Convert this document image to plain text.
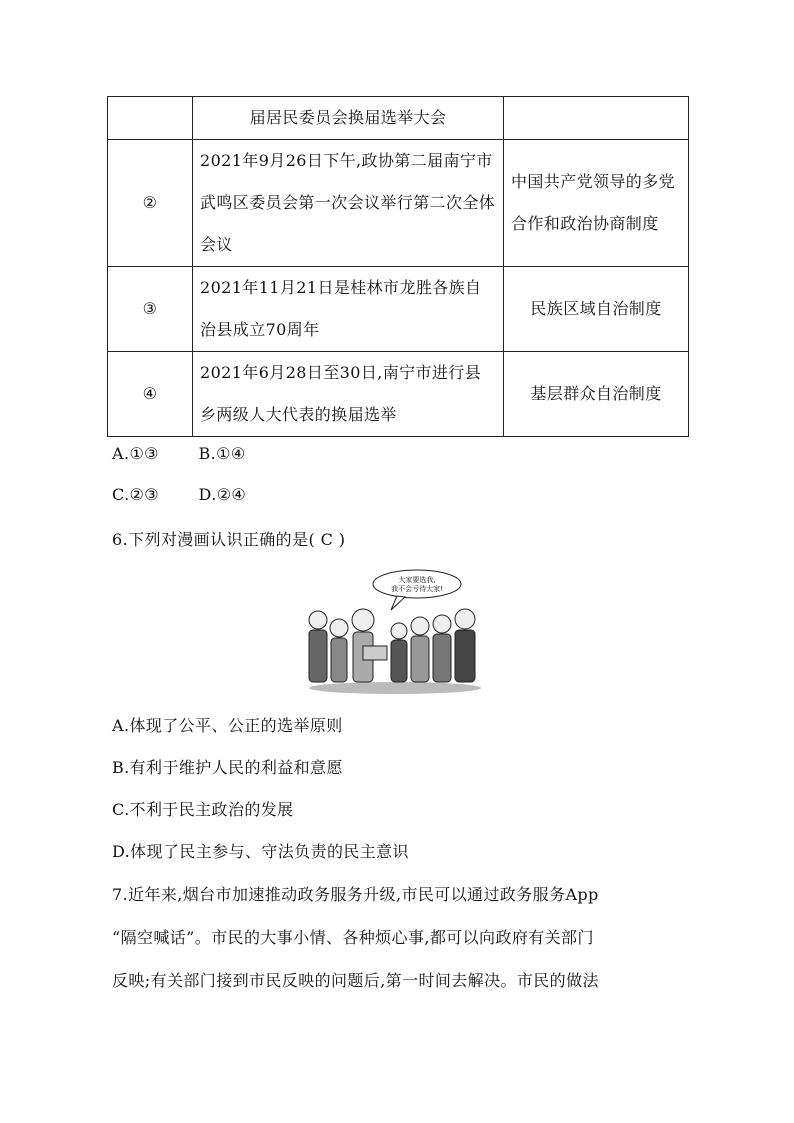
	届居民委员会换届选举大会	
②	2021年9月26日下午,政协第二届南宁市武鸣区委员会第一次会议举行第二次全体会议	中国共产党领导的多党合作和政治协商制度
③	2021年11月21日是桂林市龙胜各族自治县成立70周年	民族区域自治制度
④	2021年6月28日至30日,南宁市进行县乡两级人大代表的换届选举	基层群众自治制度
A.①③ B.①④
C.②③ D.②④
6.下列对漫画认识正确的是( C )
大家要选我,
我不会亏待大家!
A.体现了公平、公正的选举原则
B.有利于维护人民的利益和意愿
C.不利于民主政治的发展
D.体现了民主参与、守法负责的民主意识
7.近年来,烟台市加速推动政务服务升级,市民可以通过政务服务App
“隔空喊话”。市民的大事小情、各种烦心事,都可以向政府有关部门
反映;有关部门接到市民反映的问题后,第一时间去解决。市民的做法
